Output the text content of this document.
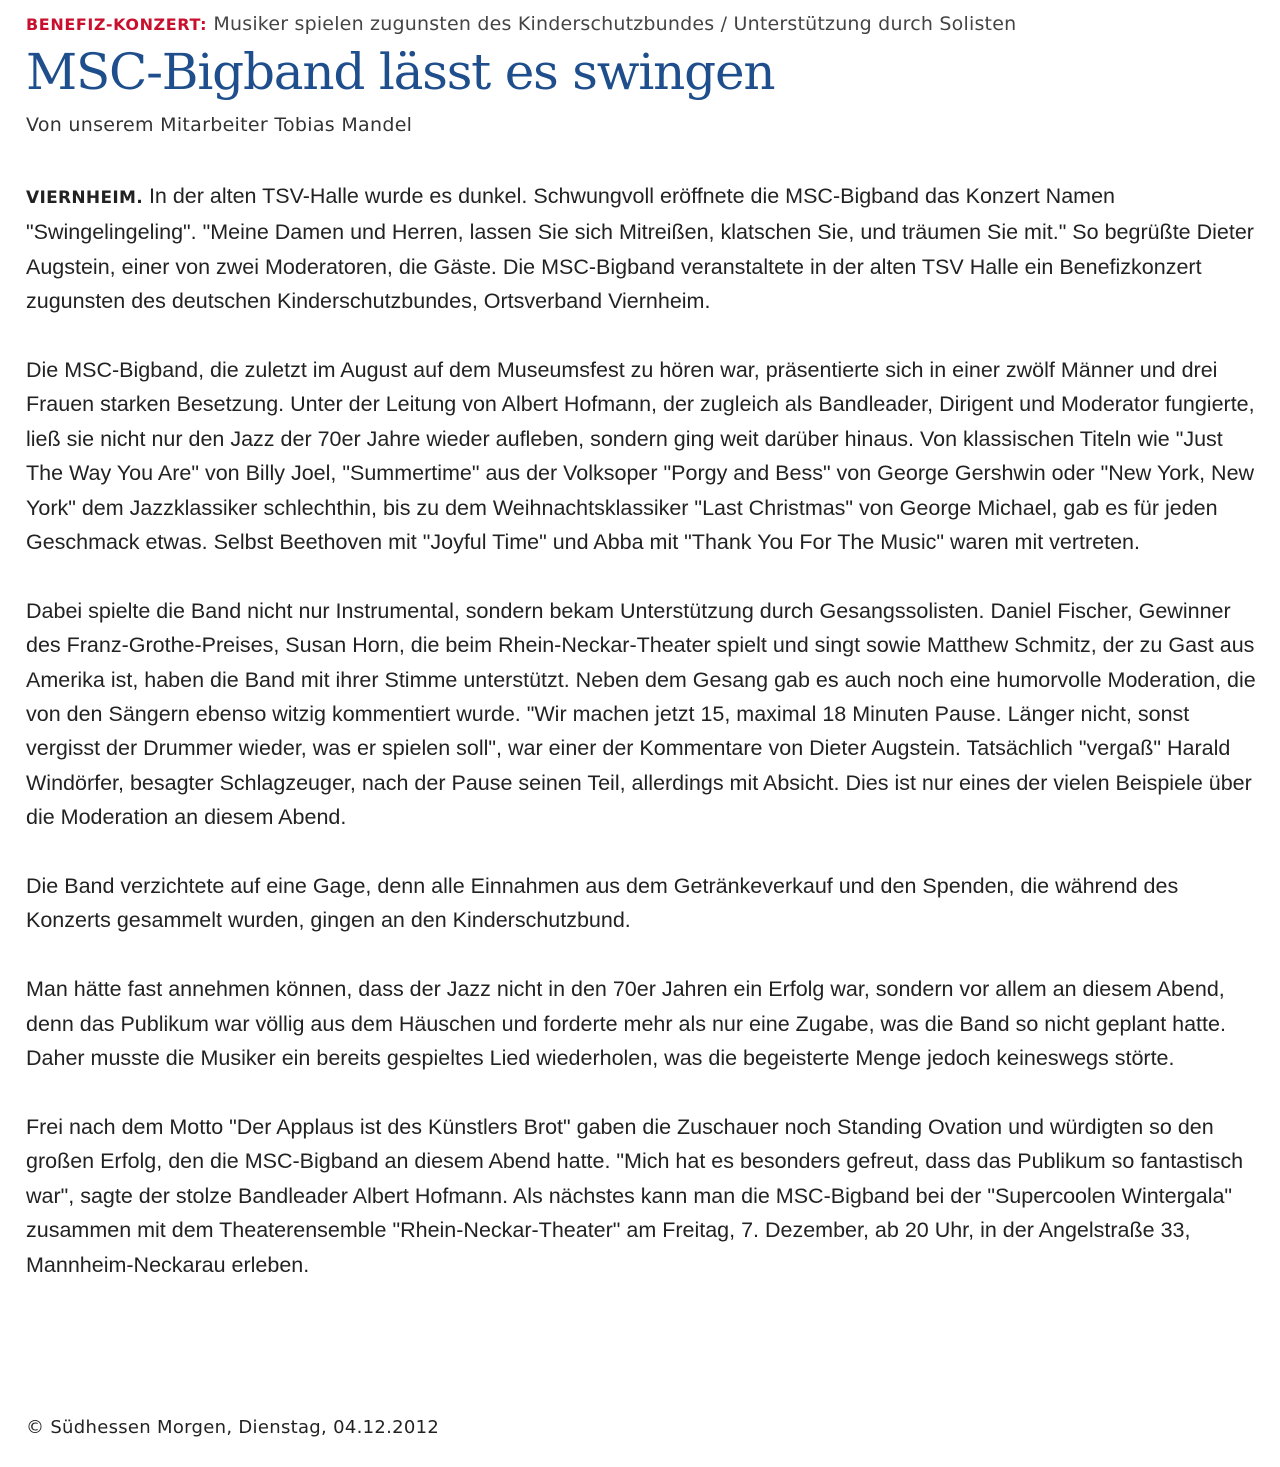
BENEFIZ-KONZERT: Musiker spielen zugunsten des Kinderschutzbundes / Unterstützung durch Solisten
MSC-Bigband lässt es swingen
Von unserem Mitarbeiter Tobias Mandel

VIERNHEIM. In der alten TSV-Halle wurde es dunkel. Schwungvoll eröffnete die MSC-Bigband das Konzert Namen "Swingelingeling". "Meine Damen und Herren, lassen Sie sich Mitreißen, klatschen Sie, und träumen Sie mit." So begrüßte Dieter Augstein, einer von zwei Moderatoren, die Gäste. Die MSC-Bigband veranstaltete in der alten TSV Halle ein Benefizkonzert zugunsten des deutschen Kinderschutzbundes, Ortsverband Viernheim.

Die MSC-Bigband, die zuletzt im August auf dem Museumsfest zu hören war, präsentierte sich in einer zwölf Männer und drei Frauen starken Besetzung. Unter der Leitung von Albert Hofmann, der zugleich als Bandleader, Dirigent und Moderator fungierte, ließ sie nicht nur den Jazz der 70er Jahre wieder aufleben, sondern ging weit darüber hinaus. Von klassischen Titeln wie "Just The Way You Are" von Billy Joel, "Summertime" aus der Volksoper "Porgy and Bess" von George Gershwin oder "New York, New York" dem Jazzklassiker schlechthin, bis zu dem Weihnachtsklassiker "Last Christmas" von George Michael, gab es für jeden Geschmack etwas. Selbst Beethoven mit "Joyful Time" und Abba mit "Thank You For The Music" waren mit vertreten.

Dabei spielte die Band nicht nur Instrumental, sondern bekam Unterstützung durch Gesangssolisten. Daniel Fischer, Gewinner des Franz-Grothe-Preises, Susan Horn, die beim Rhein-Neckar-Theater spielt und singt sowie Matthew Schmitz, der zu Gast aus Amerika ist, haben die Band mit ihrer Stimme unterstützt. Neben dem Gesang gab es auch noch eine humorvolle Moderation, die von den Sängern ebenso witzig kommentiert wurde. "Wir machen jetzt 15, maximal 18 Minuten Pause. Länger nicht, sonst vergisst der Drummer wieder, was er spielen soll", war einer der Kommentare von Dieter Augstein. Tatsächlich "vergaß" Harald Windörfer, besagter Schlagzeuger, nach der Pause seinen Teil, allerdings mit Absicht. Dies ist nur eines der vielen Beispiele über die Moderation an diesem Abend.

Die Band verzichtete auf eine Gage, denn alle Einnahmen aus dem Getränkeverkauf und den Spenden, die während des Konzerts gesammelt wurden, gingen an den Kinderschutzbund.

Man hätte fast annehmen können, dass der Jazz nicht in den 70er Jahren ein Erfolg war, sondern vor allem an diesem Abend, denn das Publikum war völlig aus dem Häuschen und forderte mehr als nur eine Zugabe, was die Band so nicht geplant hatte. Daher musste die Musiker ein bereits gespieltes Lied wiederholen, was die begeisterte Menge jedoch keineswegs störte.

Frei nach dem Motto "Der Applaus ist des Künstlers Brot" gaben die Zuschauer noch Standing Ovation und würdigten so den großen Erfolg, den die MSC-Bigband an diesem Abend hatte. "Mich hat es besonders gefreut, dass das Publikum so fantastisch war", sagte der stolze Bandleader Albert Hofmann. Als nächstes kann man die MSC-Bigband bei der "Supercoolen Wintergala" zusammen mit dem Theaterensemble "Rhein-Neckar-Theater" am Freitag, 7. Dezember, ab 20 Uhr, in der Angelstraße 33, Mannheim-Neckarau erleben.

© Südhessen Morgen, Dienstag, 04.12.2012
